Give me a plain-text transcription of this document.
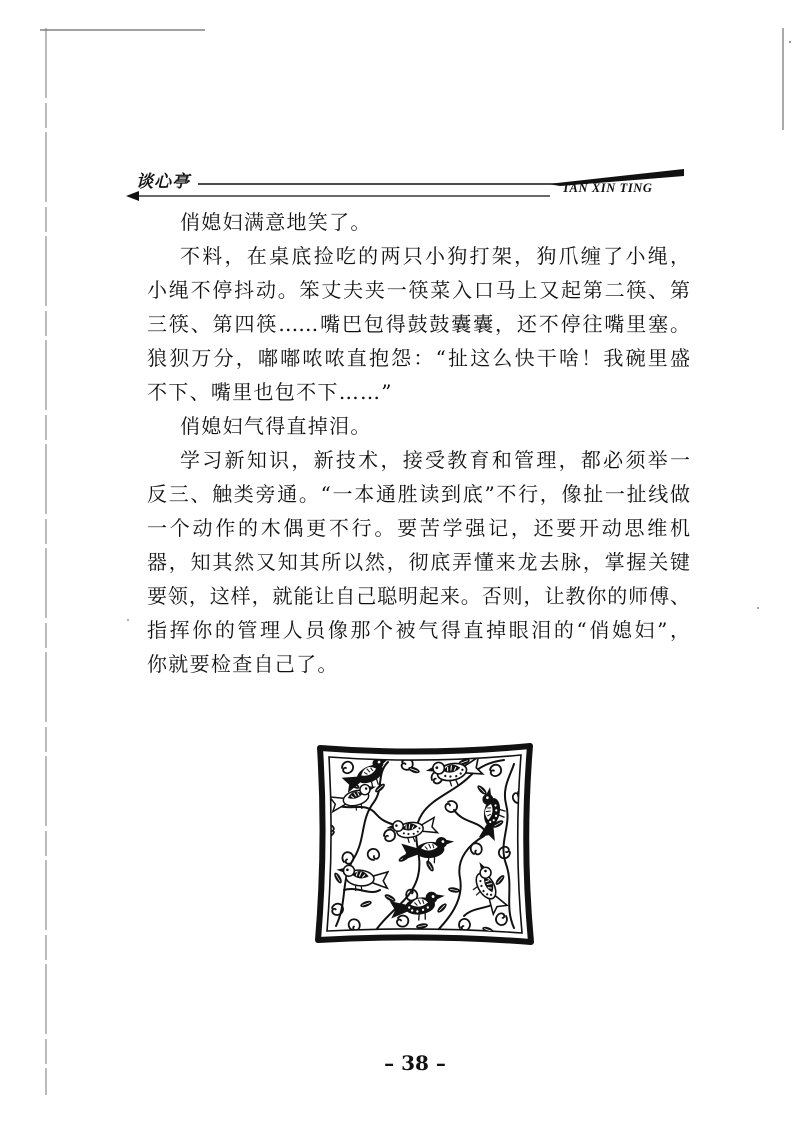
谈心亭	TAN XIN TING
俏媳妇满意地笑了。
不料，在桌底捡吃的两只小狗打架，狗爪缠了小绳，
小绳不停抖动。笨丈夫夹一筷菜入口马上又起第二筷、第
三筷、第四筷……嘴巴包得鼓鼓囊囊，还不停往嘴里塞。
狼狈万分，嘟嘟哝哝直抱怨：“扯这么快干啥！我碗里盛
不下、嘴里也包不下……”
俏媳妇气得直掉泪。
学习新知识，新技术，接受教育和管理，都必须举一
反三、触类旁通。“一本通胜读到底”不行，像扯一扯线做
一个动作的木偶更不行。要苦学强记，还要开动思维机
器，知其然又知其所以然，彻底弄懂来龙去脉，掌握关键
要领，这样，就能让自己聪明起来。否则，让教你的师傅、
指挥你的管理人员像那个被气得直掉眼泪的“俏媳妇”，
你就要检查自己了。
– 38 –
